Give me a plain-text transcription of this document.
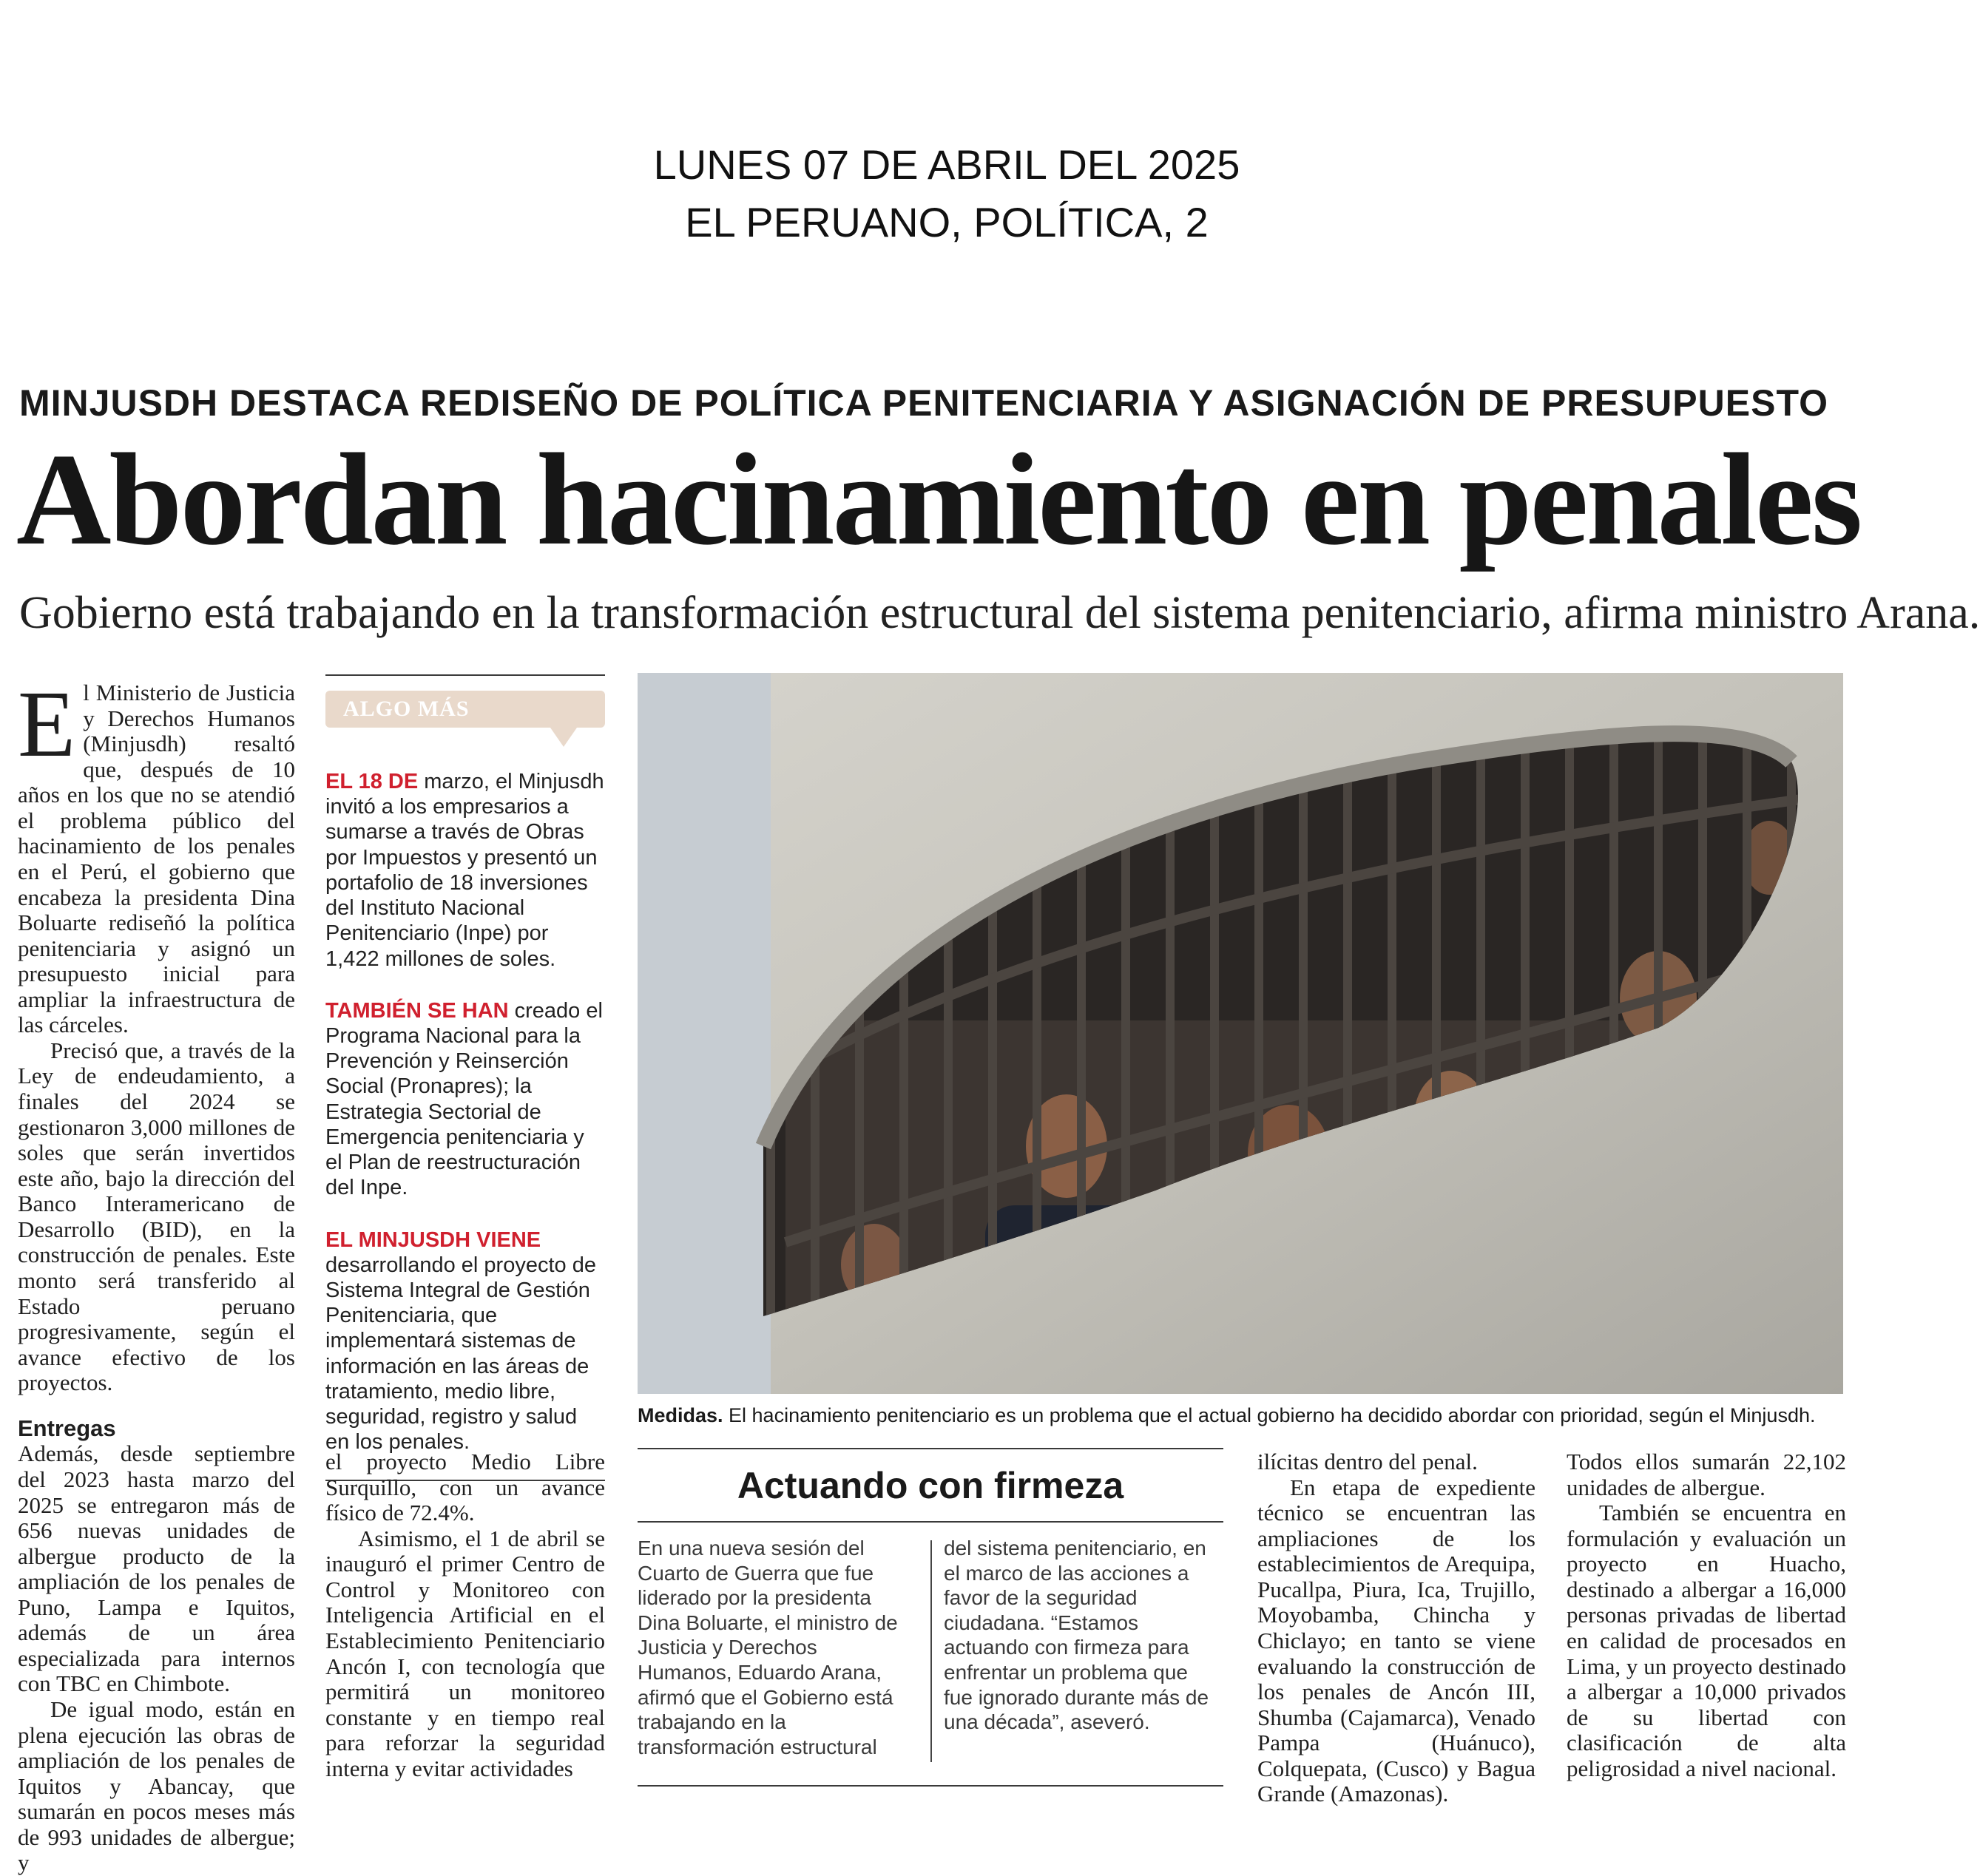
LUNES 07 DE ABRIL DEL 2025
EL PERUANO, POLÍTICA, 2
MINJUSDH DESTACA REDISEÑO DE POLÍTICA PENITENCIARIA Y ASIGNACIÓN DE PRESUPUESTO
Abordan hacinamiento en penales
Gobierno está trabajando en la transformación estructural del sistema penitenciario, afirma ministro Arana.

El Ministerio de Justicia y Derechos Humanos (Minjusdh) resaltó que, después de 10 años en los que no se atendió el problema público del hacinamiento de los penales en el Perú, el gobierno que encabeza la presidenta Dina Boluarte rediseñó la política penitenciaria y asignó un presupuesto inicial para ampliar la infraestructura de las cárceles.

Precisó que, a través de la Ley de endeudamiento, a finales del 2024 se gestionaron 3,000 millones de soles que serán invertidos este año, bajo la dirección del Banco Interamericano de Desarrollo (BID), en la construcción de penales. Este monto será transferido al Estado peruano progresivamente, según el avance efectivo de los proyectos.

Entregas

Además, desde septiembre del 2023 hasta marzo del 2025 se entregaron más de 656 nuevas unidades de albergue producto de la ampliación de los penales de Puno, Lampa e Iquitos, además de un área especializada para internos con TBC en Chimbote.

De igual modo, están en plena ejecución las obras de ampliación de los penales de Iquitos y Abancay, que sumarán en pocos meses más de 993 unidades de albergue; y

ALGO MÁS
EL 18 DE marzo, el Minjusdh invitó a los empresarios a sumarse a través de Obras por Impuestos y presentó un portafolio de 18 inversiones del Instituto Nacional Penitenciario (Inpe) por 1,422 millones de soles.
TAMBIÉN SE HAN creado el Programa Nacional para la Prevención y Reinserción Social (Pronapres); la Estrategia Sectorial de Emergencia penitenciaria y el Plan de reestructuración del Inpe.
EL MINJUSDH VIENE desarrollando el proyecto de Sistema Integral de Gestión Penitenciaria, que implementará sistemas de información en las áreas de tratamiento, medio libre, seguridad, registro y salud en los penales.
Medidas. El hacinamiento penitenciario es un problema que el actual gobierno ha decidido abordar con prioridad, según el Minjusdh.

el proyecto Medio Libre Surquillo, con un avance físico de 72.4%.

Asimismo, el 1 de abril se inauguró el primer Centro de Control y Monitoreo con Inteligencia Artificial en el Establecimiento Penitenciario Ancón I, con tecnología que permitirá un monitoreo constante y en tiempo real para reforzar la seguridad interna y evitar actividades

Actuando con firmeza
En una nueva sesión del Cuarto de Guerra que fue liderado por la presidenta Dina Boluarte, el ministro de Justicia y Derechos Humanos, Eduardo Arana, afirmó que el Gobierno está trabajando en la transformación estructural
del sistema penitenciario, en el marco de las acciones a favor de la seguridad ciudadana. “Estamos actuando con firmeza para enfrentar un problema que fue ignorado durante más de una década”, aseveró.

ilícitas dentro del penal.

En etapa de expediente técnico se encuentran las ampliaciones de los establecimientos de Arequipa, Pucallpa, Piura, Ica, Trujillo, Moyobamba, Chincha y Chiclayo; en tanto se viene evaluando la construcción de los penales de Ancón III, Shumba (Cajamarca), Venado Pampa (Huánuco), Colquepata, (Cusco) y Bagua Grande (Amazonas).

Todos ellos sumarán 22,102 unidades de albergue.

También se encuentra en formulación y evaluación un proyecto en Huacho, destinado a albergar a 16,000 personas privadas de libertad en calidad de procesados en Lima, y un proyecto destinado a albergar a 10,000 privados de su libertad con clasificación de alta peligrosidad a nivel nacional.
